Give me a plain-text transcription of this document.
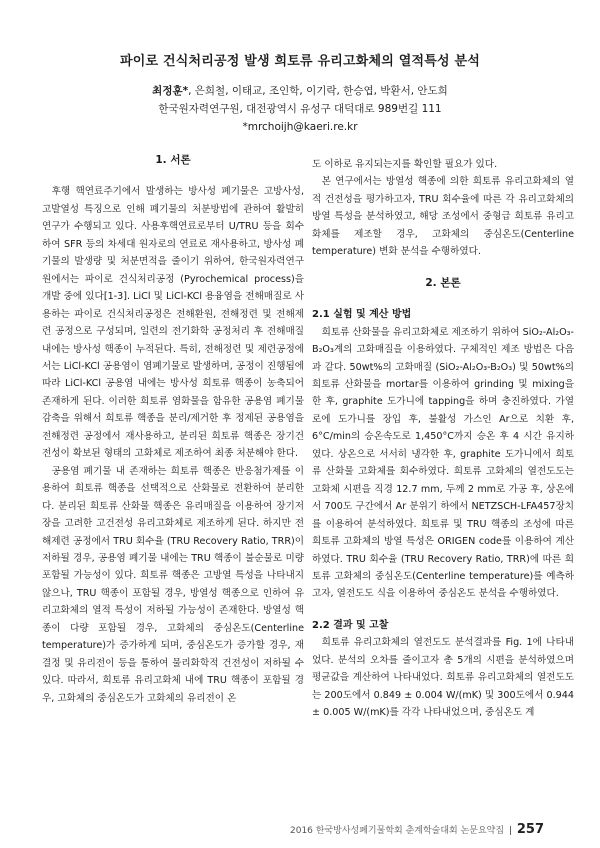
파이로 건식처리공정 발생 희토류 유리고화체의 열적특성 분석
최정훈*, 은희철, 이태교, 조인학, 이기락, 한승엽, 박환서, 안도희
한국원자력연구원, 대전광역시 유성구 대덕대로 989번길 111
*mrchoijh@kaeri.re.kr
1. 서론

후행 핵연료주기에서 발생하는 방사성 폐기물은 고방사성, 고발열성 특징으로 인해 폐기물의 처분방법에 관하여 활발히 연구가 수행되고 있다. 사용후핵연료로부터 U/TRU 등을 회수하여 SFR 등의 차세대 원자로의 연료로 재사용하고, 방사성 폐기물의 발생량 및 처분면적을 줄이기 위하여, 한국원자력연구원에서는 파이로 건식처리공정 (Pyrochemical process)을 개발 중에 있다[1-3]. LiCl 및 LiCl-KCl 용융염을 전해매질로 사용하는 파이로 건식처리공정은 전해환원, 전해정련 및 전해제련 공정으로 구성되며, 일련의 전기화학 공정처리 후 전해매질 내에는 방사성 핵종이 누적된다. 특히, 전해정련 및 제련공정에서는 LiCl-KCl 공용염이 염폐기물로 발생하며, 공정이 진행됨에 따라 LiCl-KCl 공용염 내에는 방사성 희토류 핵종이 농축되어 존재하게 된다. 이러한 희토류 염화물을 함유한 공용염 폐기물 감축을 위해서 희토류 핵종을 분리/제거한 후 정제된 공용염을 전해정련 공정에서 재사용하고, 분리된 희토류 핵종은 장기건전성이 확보된 형태의 고화체로 제조하여 최종 처분해야 한다.

공용염 폐기물 내 존재하는 희토류 핵종은 반응첨가제를 이용하여 희토류 핵종을 선택적으로 산화물로 전환하여 분리한다. 분리된 희토류 산화물 핵종은 유리매질을 이용하여 장기저장을 고려한 고건전성 유리고화체로 제조하게 된다. 하지만 전해제련 공정에서 TRU 회수율 (TRU Recovery Ratio, TRR)이 저하될 경우, 공용염 폐기물 내에는 TRU 핵종이 불순물로 미량 포함될 가능성이 있다. 희토류 핵종은 고방열 특성을 나타내지 않으나, TRU 핵종이 포함될 경우, 방열성 핵종으로 인하여 유리고화체의 열적 특성이 저하될 가능성이 존재한다. 방열성 핵종이 다량 포함될 경우, 고화체의 중심온도(Centerline temperature)가 증가하게 되며, 중심온도가 증가할 경우, 재결정 및 유리전이 등을 통하여 물리화학적 건전성이 저하될 수 있다. 따라서, 희토류 유리고화체 내에 TRU 핵종이 포함될 경우, 고화체의 중심온도가 고화체의 유리전이 온

도 이하로 유지되는지를 확인할 필요가 있다.

본 연구에서는 방열성 핵종에 의한 희토류 유리고화체의 열적 건전성을 평가하고자, TRU 회수율에 따른 각 유리고화체의 방열 특성을 분석하였고, 해당 조성에서 중형급 희토류 유리고화체를 제조할 경우, 고화체의 중심온도(Centerline temperature) 변화 분석을 수행하였다.

2. 본론
2.1 실험 및 계산 방법

희토류 산화물을 유리고화체로 제조하기 위하여 SiO₂-Al₂O₃-B₂O₃계의 고화매질을 이용하였다. 구체적인 제조 방법은 다음과 같다. 50wt%의 고화매질 (SiO₂-Al₂O₃-B₂O₃) 및 50wt%의 희토류 산화물을 mortar를 이용하여 grinding 및 mixing을 한 후, graphite 도가니에 tapping을 하며 충진하였다. 가열로에 도가니를 장입 후, 불활성 가스인 Ar으로 치환 후, 6°C/min의 승온속도로 1,450°C까지 승온 후 4 시간 유지하였다. 상온으로 서서히 냉각한 후, graphite 도가니에서 희토류 산화물 고화체를 회수하였다. 희토류 고화체의 열전도도는 고화체 시편을 직경 12.7 mm, 두께 2 mm로 가공 후, 상온에서 700도 구간에서 Ar 분위기 하에서 NETZSCH-LFA457장치를 이용하여 분석하였다. 희토류 및 TRU 핵종의 조성에 따른 희토류 고화체의 방열 특성은 ORIGEN code를 이용하여 계산하였다. TRU 회수율 (TRU Recovery Ratio, TRR)에 따른 희토류 고화체의 중심온도(Centerline temperature)를 예측하고자, 열전도도 식을 이용하여 중심온도 분석을 수행하였다.

2.2 결과 및 고찰

희토류 유리고화체의 열전도도 분석결과를 Fig. 1에 나타내었다. 분석의 오차를 줄이고자 총 5개의 시편을 분석하였으며 평균값을 계산하여 나타내었다. 희토류 유리고화체의 열전도도는 200도에서 0.849 ± 0.004 W/(mK) 및 300도에서 0.944 ± 0.005 W/(mK)를 각각 나타내었으며, 중심온도 계

2016 한국방사성폐기물학회 춘계학술대회 논문요약집 | 257
